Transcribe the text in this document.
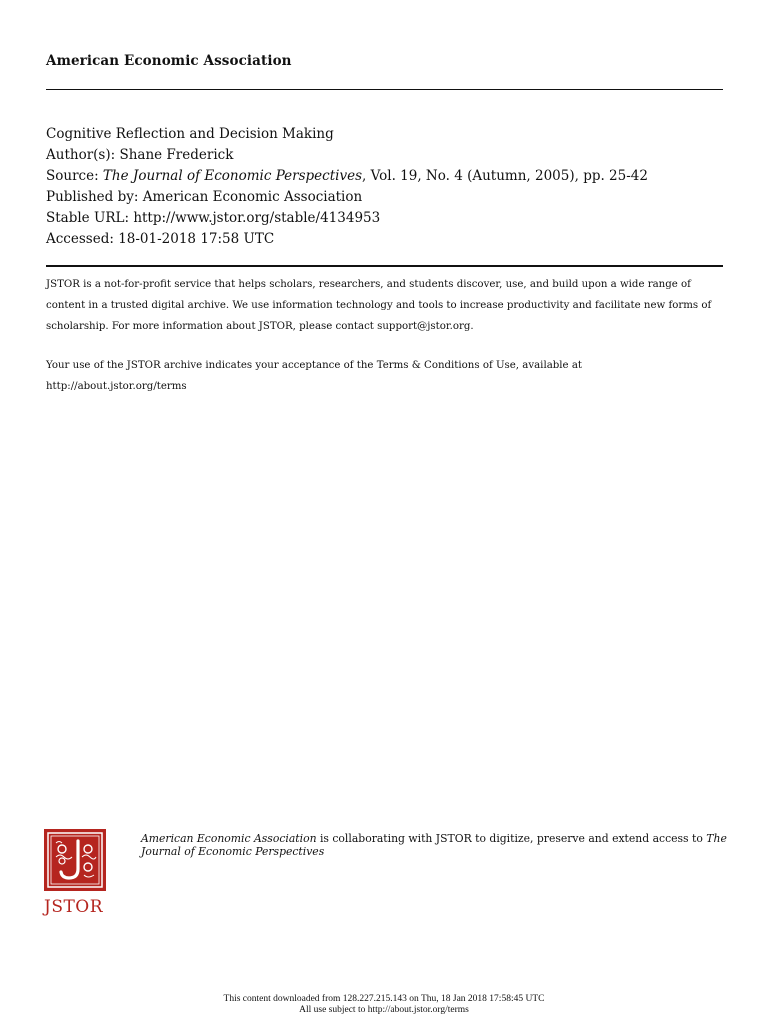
American Economic Association
Cognitive Reflection and Decision Making
Author(s): Shane Frederick
Source: The Journal of Economic Perspectives, Vol. 19, No. 4 (Autumn, 2005), pp. 25-42
Published by: American Economic Association
Stable URL: http://www.jstor.org/stable/4134953
Accessed: 18-01-2018 17:58 UTC
JSTOR is a not-for-profit service that helps scholars, researchers, and students discover, use, and build upon a wide range of content in a trusted digital archive. We use information technology and tools to increase productivity and facilitate new forms of scholarship. For more information about JSTOR, please contact support@jstor.org.
Your use of the JSTOR archive indicates your acceptance of the Terms & Conditions of Use, available at http://about.jstor.org/terms
JSTOR
American Economic Association is collaborating with JSTOR to digitize, preserve and extend access to The Journal of Economic Perspectives
This content downloaded from 128.227.215.143 on Thu, 18 Jan 2018 17:58:45 UTC
All use subject to http://about.jstor.org/terms
